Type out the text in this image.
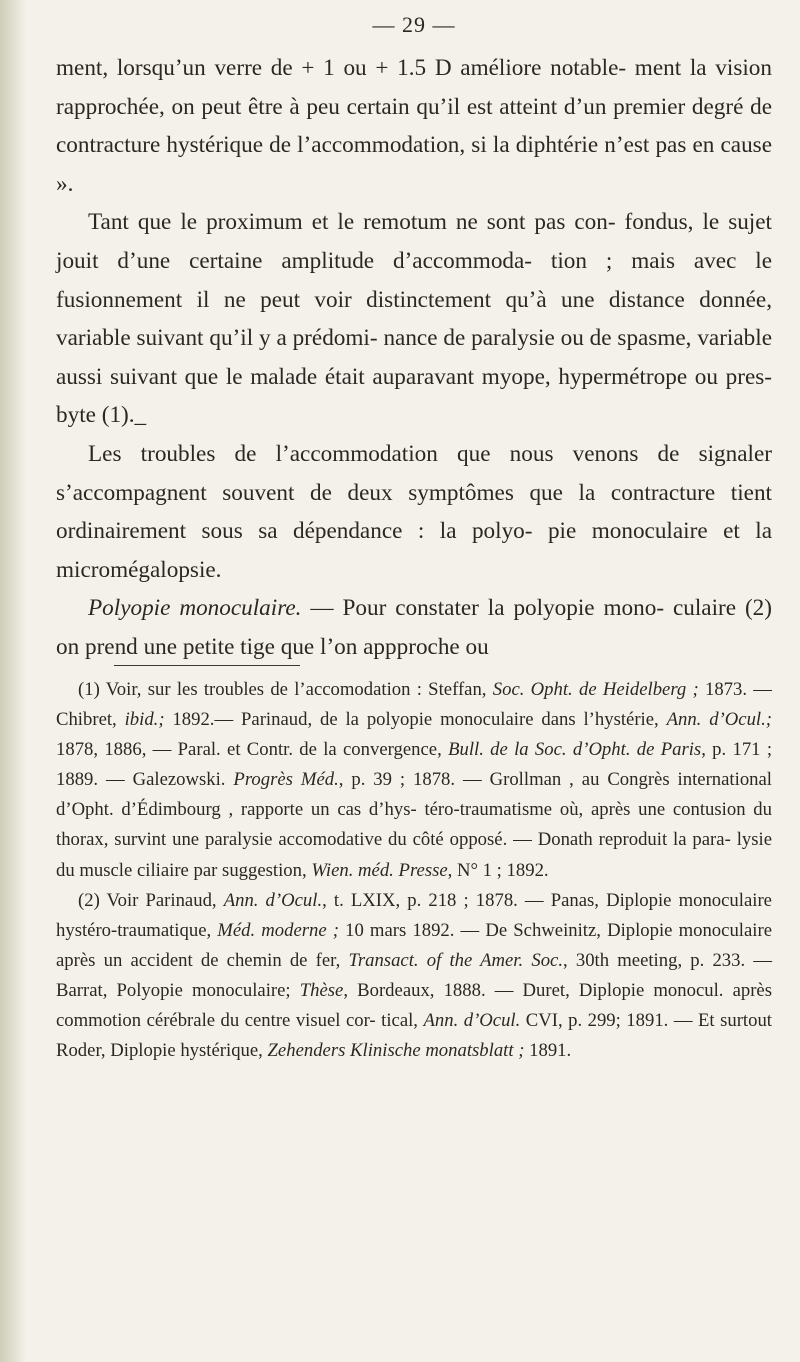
— 29 —

ment, lorsqu’un verre de + 1 ou + 1.5 D améliore notable- ment la vision rapprochée, on peut être à peu certain qu’il est atteint d’un premier degré de contracture hystérique de l’accommodation, si la diphtérie n’est pas en cause ».

Tant que le proximum et le remotum ne sont pas con- fondus, le sujet jouit d’une certaine amplitude d’accommoda- tion ; mais avec le fusionnement il ne peut voir distinctement qu’à une distance donnée, variable suivant qu’il y a prédomi- nance de paralysie ou de spasme, variable aussi suivant que le malade était auparavant myope, hypermétrope ou pres- byte (1)._

Les troubles de l’accommodation que nous venons de signaler s’accompagnent souvent de deux symptômes que la contracture tient ordinairement sous sa dépendance : la polyo- pie monoculaire et la micromégalopsie.

Polyopie monoculaire. — Pour constater la polyopie mono- culaire (2) on prend une petite tige que l’on appproche ou

(1) Voir, sur les troubles de l’accomodation : Steffan, Soc. Opht. de Heidelberg ; 1873. —Chibret, ibid.; 1892.— Parinaud, de la polyopie monoculaire dans l’hystérie, Ann. d’Ocul.; 1878, 1886, — Paral. et Contr. de la convergence, Bull. de la Soc. d’Opht. de Paris, p. 171 ; 1889. — Galezowski. Progrès Méd., p. 39 ; 1878. — Grollman , au Congrès international d’Opht. d’Édimbourg , rapporte un cas d’hys- téro-traumatisme où, après une contusion du thorax, survint une paralysie accomodative du côté opposé. — Donath reproduit la para- lysie du muscle ciliaire par suggestion, Wien. méd. Presse, N° 1 ; 1892.

(2) Voir Parinaud, Ann. d’Ocul., t. LXIX, p. 218 ; 1878. — Panas, Diplopie monoculaire hystéro-traumatique, Méd. moderne ; 10 mars 1892. — De Schweinitz, Diplopie monoculaire après un accident de chemin de fer, Transact. of the Amer. Soc., 30th meeting, p. 233. — Barrat, Polyopie monoculaire; Thèse, Bordeaux, 1888. — Duret, Diplopie monocul. après commotion cérébrale du centre visuel cor- tical, Ann. d’Ocul. CVI, p. 299; 1891. — Et surtout Roder, Diplopie hystérique, Zehenders Klinische monatsblatt ; 1891.
